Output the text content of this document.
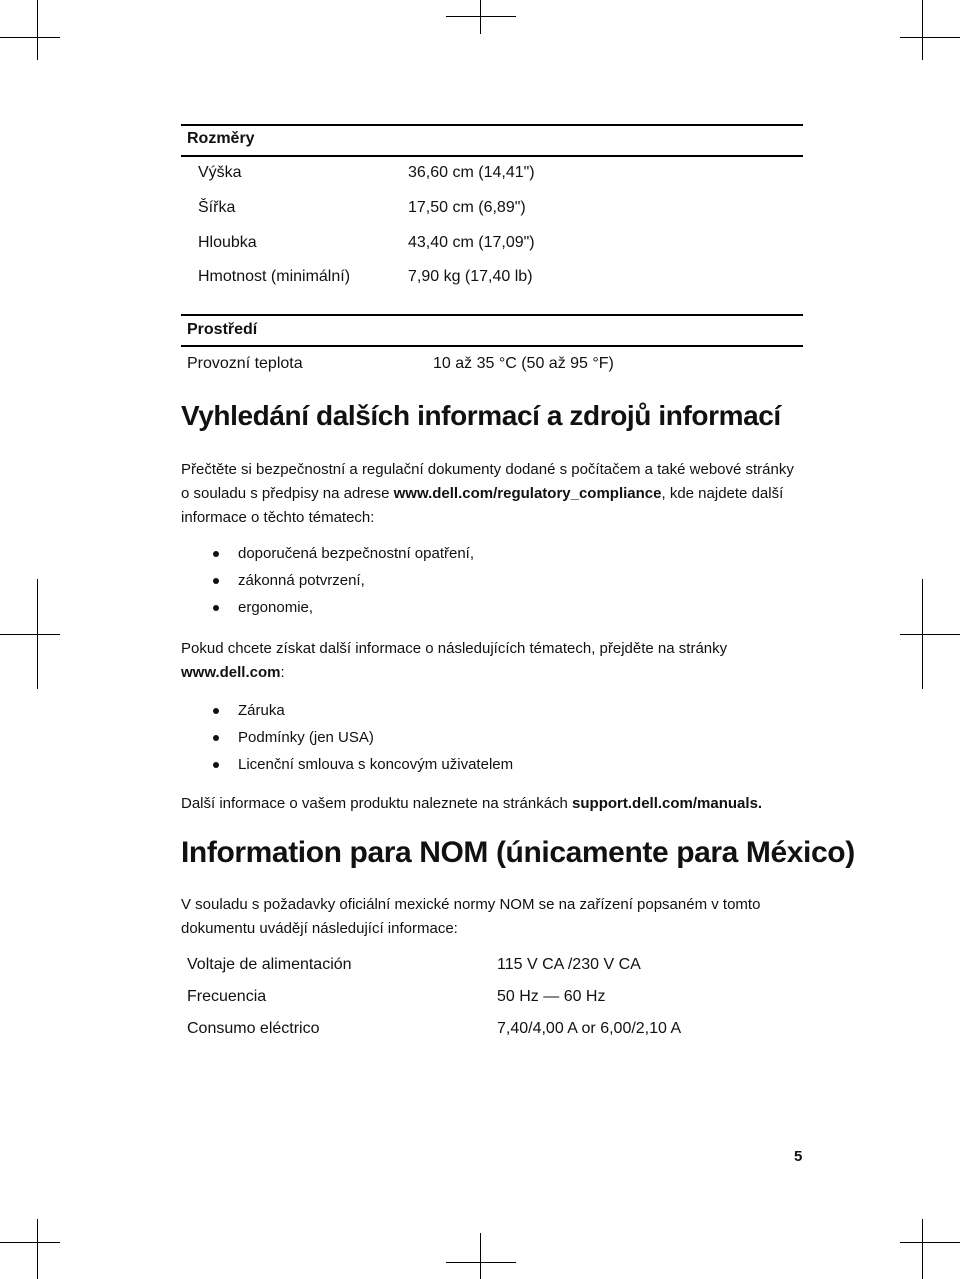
Rozměry
Výška	36,60 cm (14,41")
Šířka	17,50 cm (6,89")
Hloubka	43,40 cm (17,09")
Hmotnost (minimální)	7,90 kg (17,40 lb)
Prostředí
Provozní teplota	10 až 35 °C (50 až 95 °F)
Vyhledání dalších informací a zdrojů informací
Přečtěte si bezpečnostní a regulační dokumenty dodané s počítačem a také webové stránky
o souladu s předpisy na adrese www.dell.com/regulatory_compliance, kde najdete další
informace o těchto tématech:
doporučená bezpečnostní opatření,
zákonná potvrzení,
ergonomie,
Pokud chcete získat další informace o následujících tématech, přejděte na stránky
www.dell.com:
Záruka
Podmínky (jen USA)
Licenční smlouva s koncovým uživatelem
Další informace o vašem produktu naleznete na stránkách support.dell.com/manuals.
Information para NOM (únicamente para México)
V souladu s požadavky oficiální mexické normy NOM se na zařízení popsaném v tomto
dokumentu uvádějí následující informace:
Voltaje de alimentación	115 V CA /230 V CA
Frecuencia	50 Hz — 60 Hz
Consumo eléctrico	7,40/4,00 A or 6,00/2,10 A
5
